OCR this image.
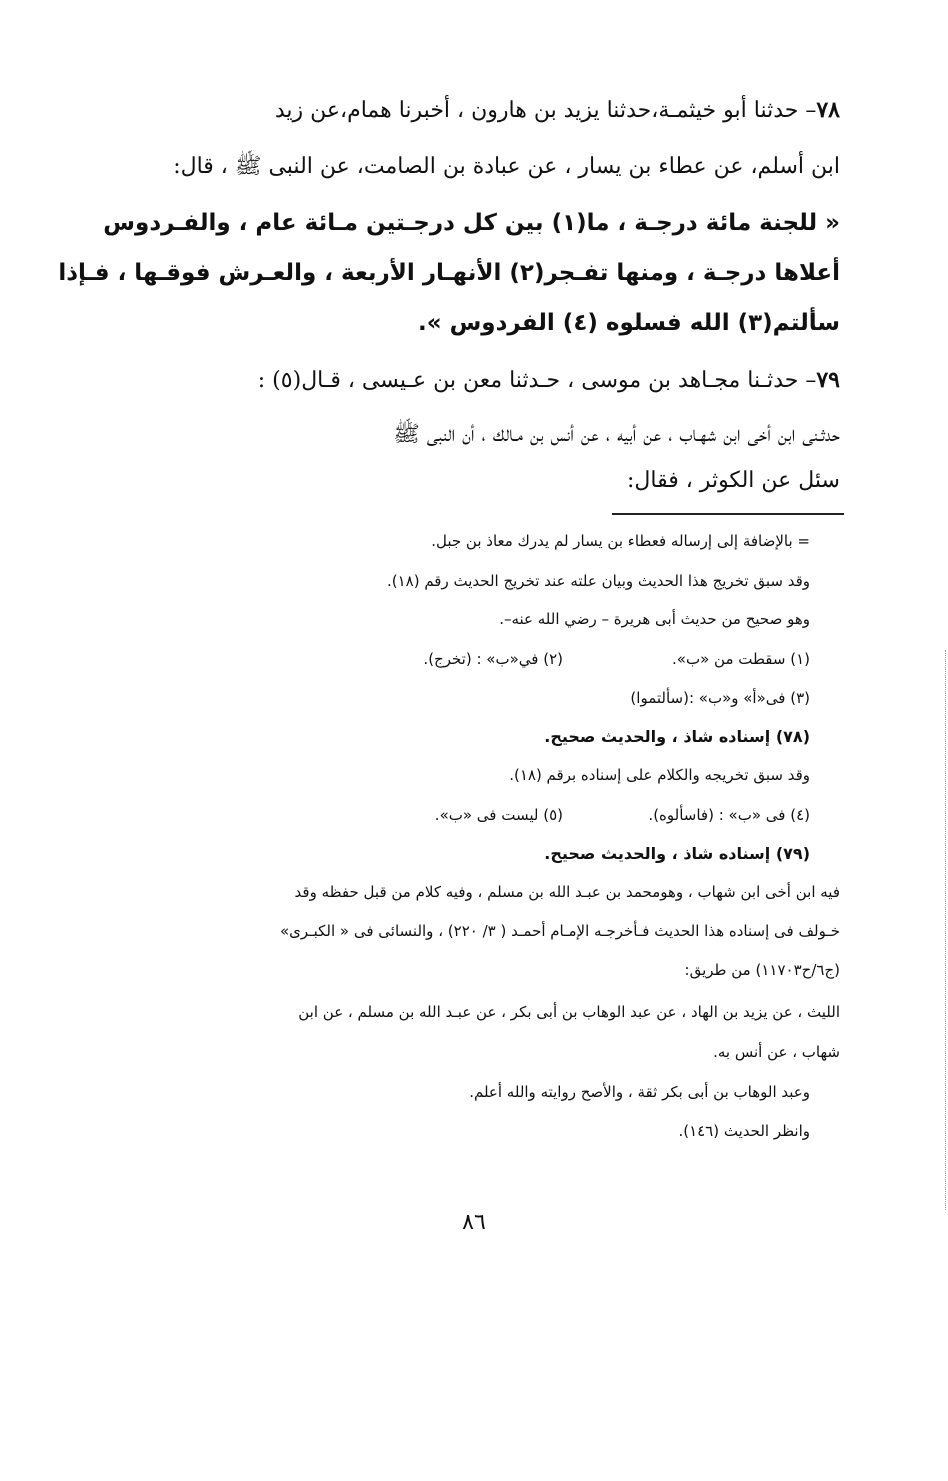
٧٨– حدثنا أبو خيثمـة،حدثنا يزيد بن هارون ، أخبرنا همام،عن زيد
ابن أسلم، عن عطاء بن يسار ، عن عبادة بن الصامت، عن النبى ﷺ ، قال:
« للجنة مائة درجـة ، ما(١) بين كل درجـتين مـائة عام ، والفـردوس
أعلاها درجـة ، ومنها تفـجر(٢) الأنهـار الأربعة ، والعـرش فوقـها ، فـإذا
سألتم(٣) الله فسلوه (٤) الفردوس ».
٧٩– حدثـنا مجـاهد بن موسى ، حـدثنا معن بن عـيسى ، قـال(٥) :
حدثـنى ابن أخى ابن شهـاب ، عن أبيه ، عن أنس بن مـالك ، أن النبى ﷺ
سئل عن الكوثر ، فقال:
= بالإضافة إلى إرساله فعطاء بن يسار لم يدرك معاذ بن جبل.
وقد سبق تخريج هذا الحديث وبيان علته عند تخريج الحديث رقم (١٨).
وهو صحيح من حديث أبى هريرة – رضي الله عنه–.
(١) سقطت من «ب».
(٢) في«ب» : (تخرج).
(٣) فى«أ» و«ب» :(سألتموا)
(٧٨) إسناده شاذ ، والحديث صحيح.
وقد سبق تخريجه والكلام على إسناده برقم (١٨).
(٤) فى «ب» : (فاسألوه).
(٥) ليست فى «ب».
(٧٩) إسناده شاذ ، والحديث صحيح.
فيه ابن أخى ابن شهاب ، وهومحمد بن عبـد الله بن مسلم ، وفيه كلام من قبل حفظه وقد
خـولف فى إسناده هذا الحديث فـأخرجـه الإمـام أحمـد ( ٣/ ٢٢٠) ، والنسائى فى « الكبـرى»
(ج٦/ح١١٧٠٣) من طريق:
الليث ، عن يزيد بن الهاد ، عن عبد الوهاب بن أبى بكر ، عن عبـد الله بن مسلم ، عن ابن
شهاب ، عن أنس به.
وعبد الوهاب بن أبى بكر ثقة ، والأصح روايته والله أعلم.
وانظر الحديث (١٤٦).
٨٦
